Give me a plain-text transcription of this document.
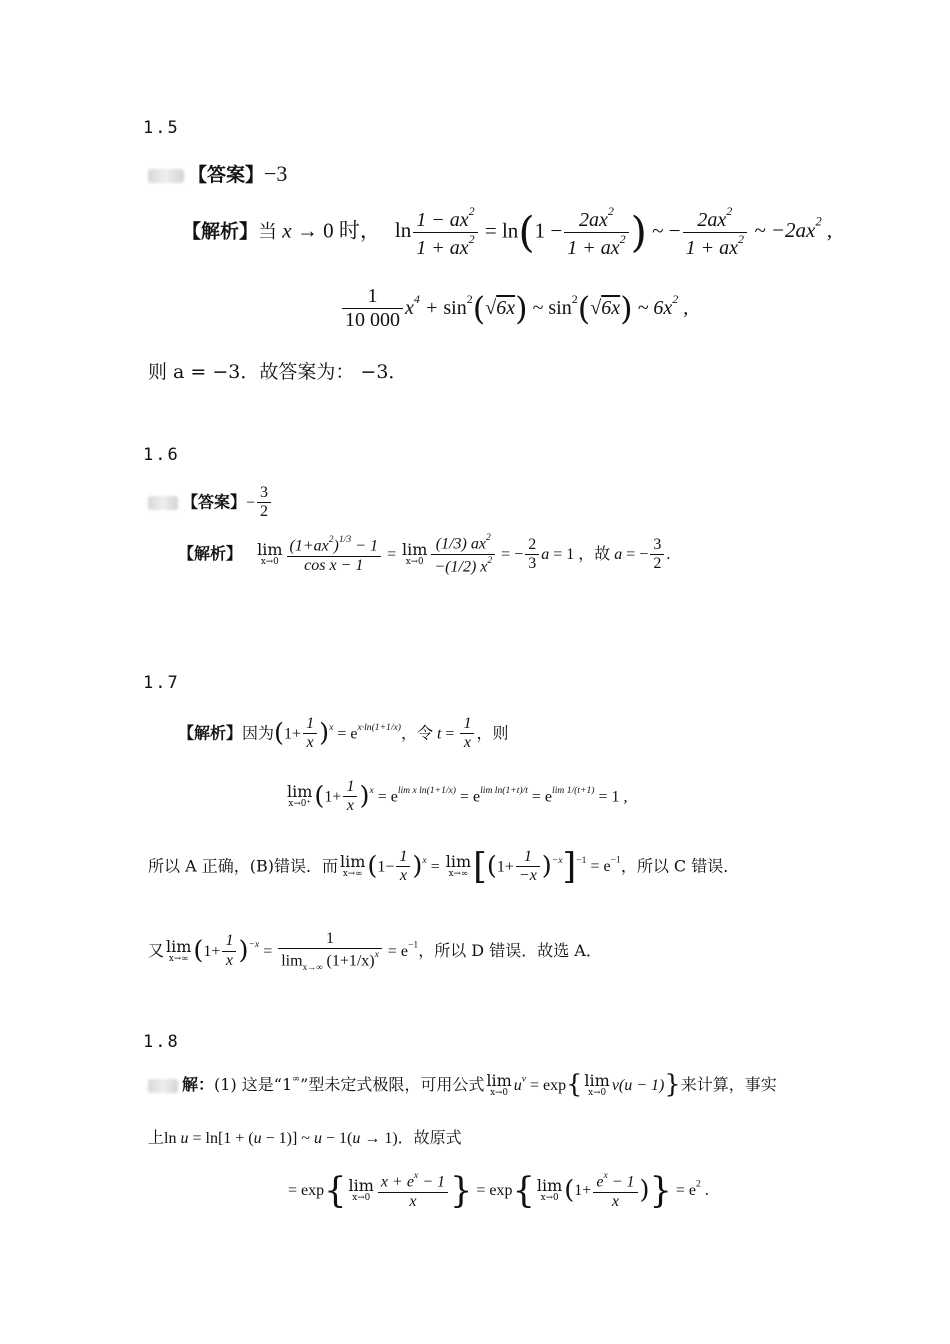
1.5
【答案】−3
【解析】当 x → 0 时， $\ln \frac{1 - ax^2}{1 + ax^2} = \ln(1 - \frac{2ax^2}{1 + ax^2}$ ) ~ − $\frac{2ax^2}{1 + ax^2}$ ~ $-2ax^2$ ,
$\frac{1}{10 000} x^4 + \sin^2(√6x)$ ~ $\sin^2(√6x)$ ~ $6x^2$ ,
则 a = −3．故答案为： −3．
1.6
【答案】− $\frac{3}{2}$
【解析】 lim
$x\to 0 \frac{(1+ax^2)^{1/3} - 1}{\text{cos x − 1}} = \lim$
$x\to 0 \frac{(1/3) ax^2}{-(1/2) x^2}$ = − $\frac{2}{3}$ a = 1 ，故 a = − $\frac{3}{2}$ .
1.7
【解析】因为$(1+ \frac{1}{x} )^x = e^{x\cdot ln(1+1/x)}$，令 $t = \frac{1}{x}$ ，则
lim
x→0⁺ $(1+ \frac{1}{x} )^x = e^{lim x ln(1+1/x)} = e^{lim ln(1+t)/t} = e^{lim 1/(t+1)} = 1$ ,
所以 A 正确，(B)错误．而 lim
x→∞ $(1- \frac{1}{x} )^x = \lim$
x→∞ $[(1+ \frac{1}{-x} )^{-x}]^{-1} = e^{-1}$，所以 C 错误．
又 lim
x→∞ $(1+ \frac{1}{x} )^{-x} = \frac{1}{\lim_{x\to\infty} (1+1/x)^x} = e^{-1}$，所以 D 错误．故选 A．
1.8
解：(1) 这是“1∞”型未定式极限，可用公式 lim
x→0 $u^v = \exp${ lim
x→0 v(u − 1)}来计算，事实
上ln u = ln[1 + (u − 1)] ~ u − 1(u → 1)．故原式
= exp{ lim
$x\to 0 \frac{x + e^x - 1}{x}$ } = exp{ lim
x→0 ($1+ \frac{e^x - 1}{x}$ )} = $e^2$ .
